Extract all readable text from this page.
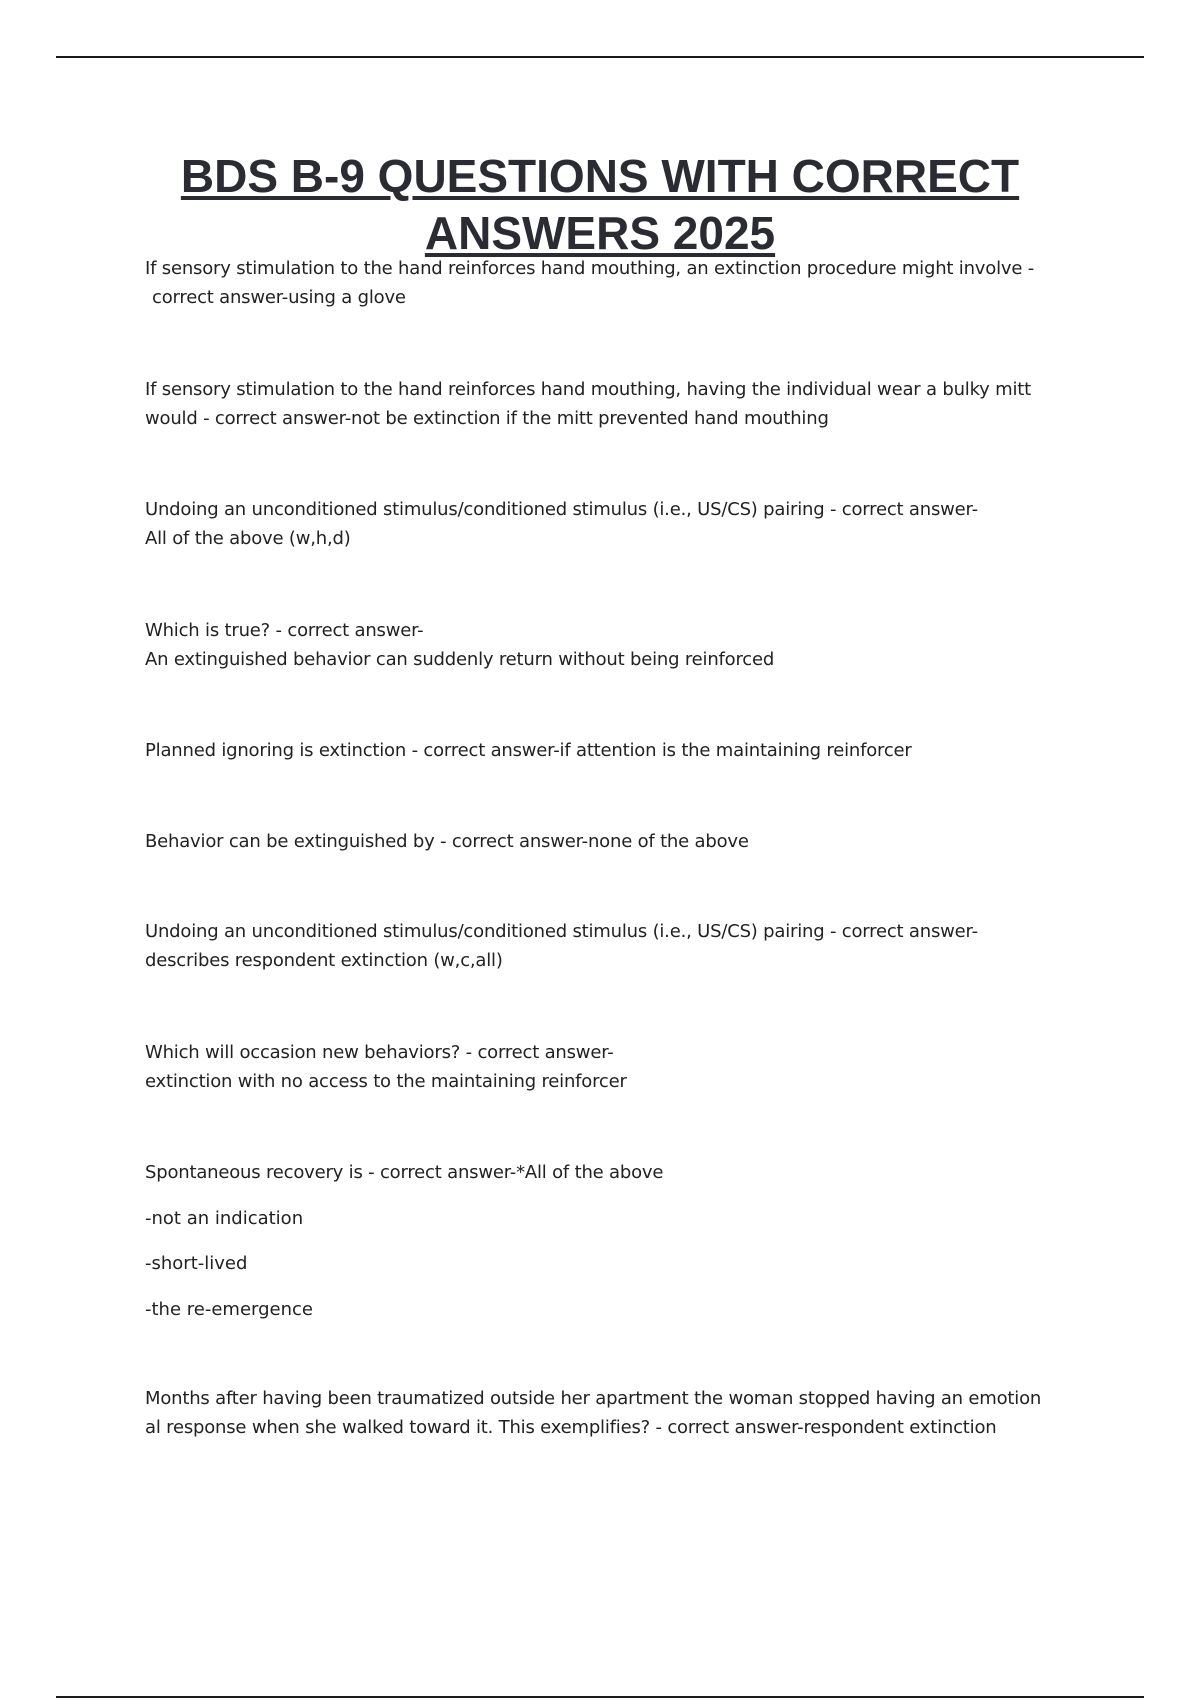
BDS B-9 QUESTIONS WITH CORRECT
ANSWERS 2025
If sensory stimulation to the hand reinforces hand mouthing, an extinction procedure might involve -
correct answer-using a glove
If sensory stimulation to the hand reinforces hand mouthing, having the individual wear a bulky mitt
would - correct answer-not be extinction if the mitt prevented hand mouthing
Undoing an unconditioned stimulus/conditioned stimulus (i.e., US/CS) pairing - correct answer-
All of the above (w,h,d)
Which is true? - correct answer-
An extinguished behavior can suddenly return without being reinforced
Planned ignoring is extinction - correct answer-if attention is the maintaining reinforcer
Behavior can be extinguished by - correct answer-none of the above
Undoing an unconditioned stimulus/conditioned stimulus (i.e., US/CS) pairing - correct answer-
describes respondent extinction (w,c,all)
Which will occasion new behaviors? - correct answer-
extinction with no access to the maintaining reinforcer
Spontaneous recovery is - correct answer-*All of the above
-not an indication
-short-lived
-the re-emergence
Months after having been traumatized outside her apartment the woman stopped having an emotion
al response when she walked toward it. This exemplifies? - correct answer-respondent extinction
